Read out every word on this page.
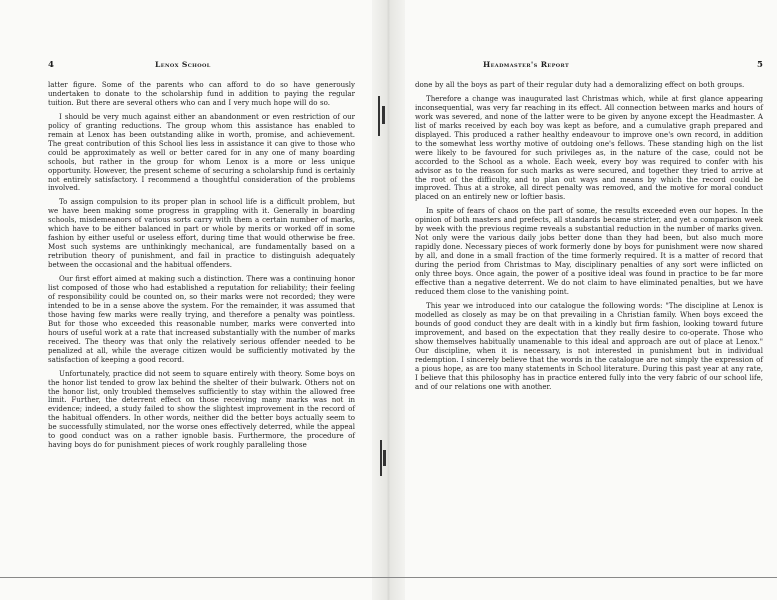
4	Lenox School

latter figure. Some of the parents who can afford to do so have generously undertaken to donate to the scholarship fund in addition to paying the regular tuition. But there are several others who can and I very much hope will do so.

I should be very much against either an abandonment or even restriction of our policy of granting reductions. The group whom this assistance has enabled to remain at Lenox has been outstanding alike in worth, promise, and achievement. The great contribution of this School lies less in assistance it can give to those who could be approximately as well or better cared for in any one of many boarding schools, but rather in the group for whom Lenox is a more or less unique opportunity. However, the present scheme of securing a scholarship fund is certainly not entirely satisfactory. I recommend a thoughtful consideration of the problems involved.

To assign compulsion to its proper plan in school life is a difficult problem, but we have been making some progress in grappling with it. Generally in boarding schools, misdemeanors of various sorts carry with them a certain number of marks, which have to be either balanced in part or whole by merits or worked off in some fashion by either useful or useless effort, during time that would otherwise be free. Most such systems are unthinkingly mechanical, are fundamentally based on a retribution theory of punishment, and fail in practice to distinguish adequately between the occasional and the habitual offenders.

Our first effort aimed at making such a distinction. There was a continuing honor list composed of those who had established a reputation for reliability; their feeling of responsibility could be counted on, so their marks were not recorded; they were intended to be in a sense above the system. For the remainder, it was assumed that those having few marks were really trying, and therefore a penalty was pointless. But for those who exceeded this reasonable number, marks were converted into hours of useful work at a rate that increased substantially with the number of marks received. The theory was that only the relatively serious offender needed to be penalized at all, while the average citizen would be sufficiently motivated by the satisfaction of keeping a good record.

Unfortunately, practice did not seem to square entirely with theory. Some boys on the honor list tended to grow lax behind the shelter of their bulwark. Others not on the honor list, only troubled themselves sufficiently to stay within the allowed free limit. Further, the deterrent effect on those receiving many marks was not in evidence; indeed, a study failed to show the slightest improvement in the record of the habitual offenders. In other words, neither did the better boys actually seem to be successfully stimulated, nor the worse ones effectively deterred, while the appeal to good conduct was on a rather ignoble basis. Furthermore, the procedure of having boys do for punishment pieces of work roughly paralleling those

Headmaster's Report	5

done by all the boys as part of their regular duty had a demoralizing effect on both groups.

Therefore a change was inaugurated last Christmas which, while at first glance appearing inconsequential, was very far reaching in its effect. All connection between marks and hours of work was severed, and none of the latter were to be given by anyone except the Headmaster. A list of marks received by each boy was kept as before, and a cumulative graph prepared and displayed. This produced a rather healthy endeavour to improve one's own record, in addition to the somewhat less worthy motive of outdoing one's fellows. These standing high on the list were likely to be favoured for such privileges as, in the nature of the case, could not be accorded to the School as a whole. Each week, every boy was required to confer with his advisor as to the reason for such marks as were secured, and together they tried to arrive at the root of the difficulty, and to plan out ways and means by which the record could be improved. Thus at a stroke, all direct penalty was removed, and the motive for moral conduct placed on an entirely new or loftier basis.

In spite of fears of chaos on the part of some, the results exceeded even our hopes. In the opinion of both masters and prefects, all standards became stricter, and yet a comparison week by week with the previous regime reveals a substantial reduction in the number of marks given. Not only were the various daily jobs better done than they had been, but also much more rapidly done. Necessary pieces of work formerly done by boys for punishment were now shared by all, and done in a small fraction of the time formerly required. It is a matter of record that during the period from Christmas to May, disciplinary penalties of any sort were inflicted on only three boys. Once again, the power of a positive ideal was found in practice to be far more effective than a negative deterrent. We do not claim to have eliminated penalties, but we have reduced them close to the vanishing point.

This year we introduced into our catalogue the following words: "The discipline at Lenox is modelled as closely as may be on that prevailing in a Christian family. When boys exceed the bounds of good conduct they are dealt with in a kindly but firm fashion, looking toward future improvement, and based on the expectation that they really desire to co-operate. Those who show themselves habitually unamenable to this ideal and approach are out of place at Lenox." Our discipline, when it is necessary, is not interested in punishment but in individual redemption. I sincerely believe that the words in the catalogue are not simply the expression of a pious hope, as are too many statements in School literature. During this past year at any rate, I believe that this philosophy has in practice entered fully into the very fabric of our school life, and of our relations one with another.
